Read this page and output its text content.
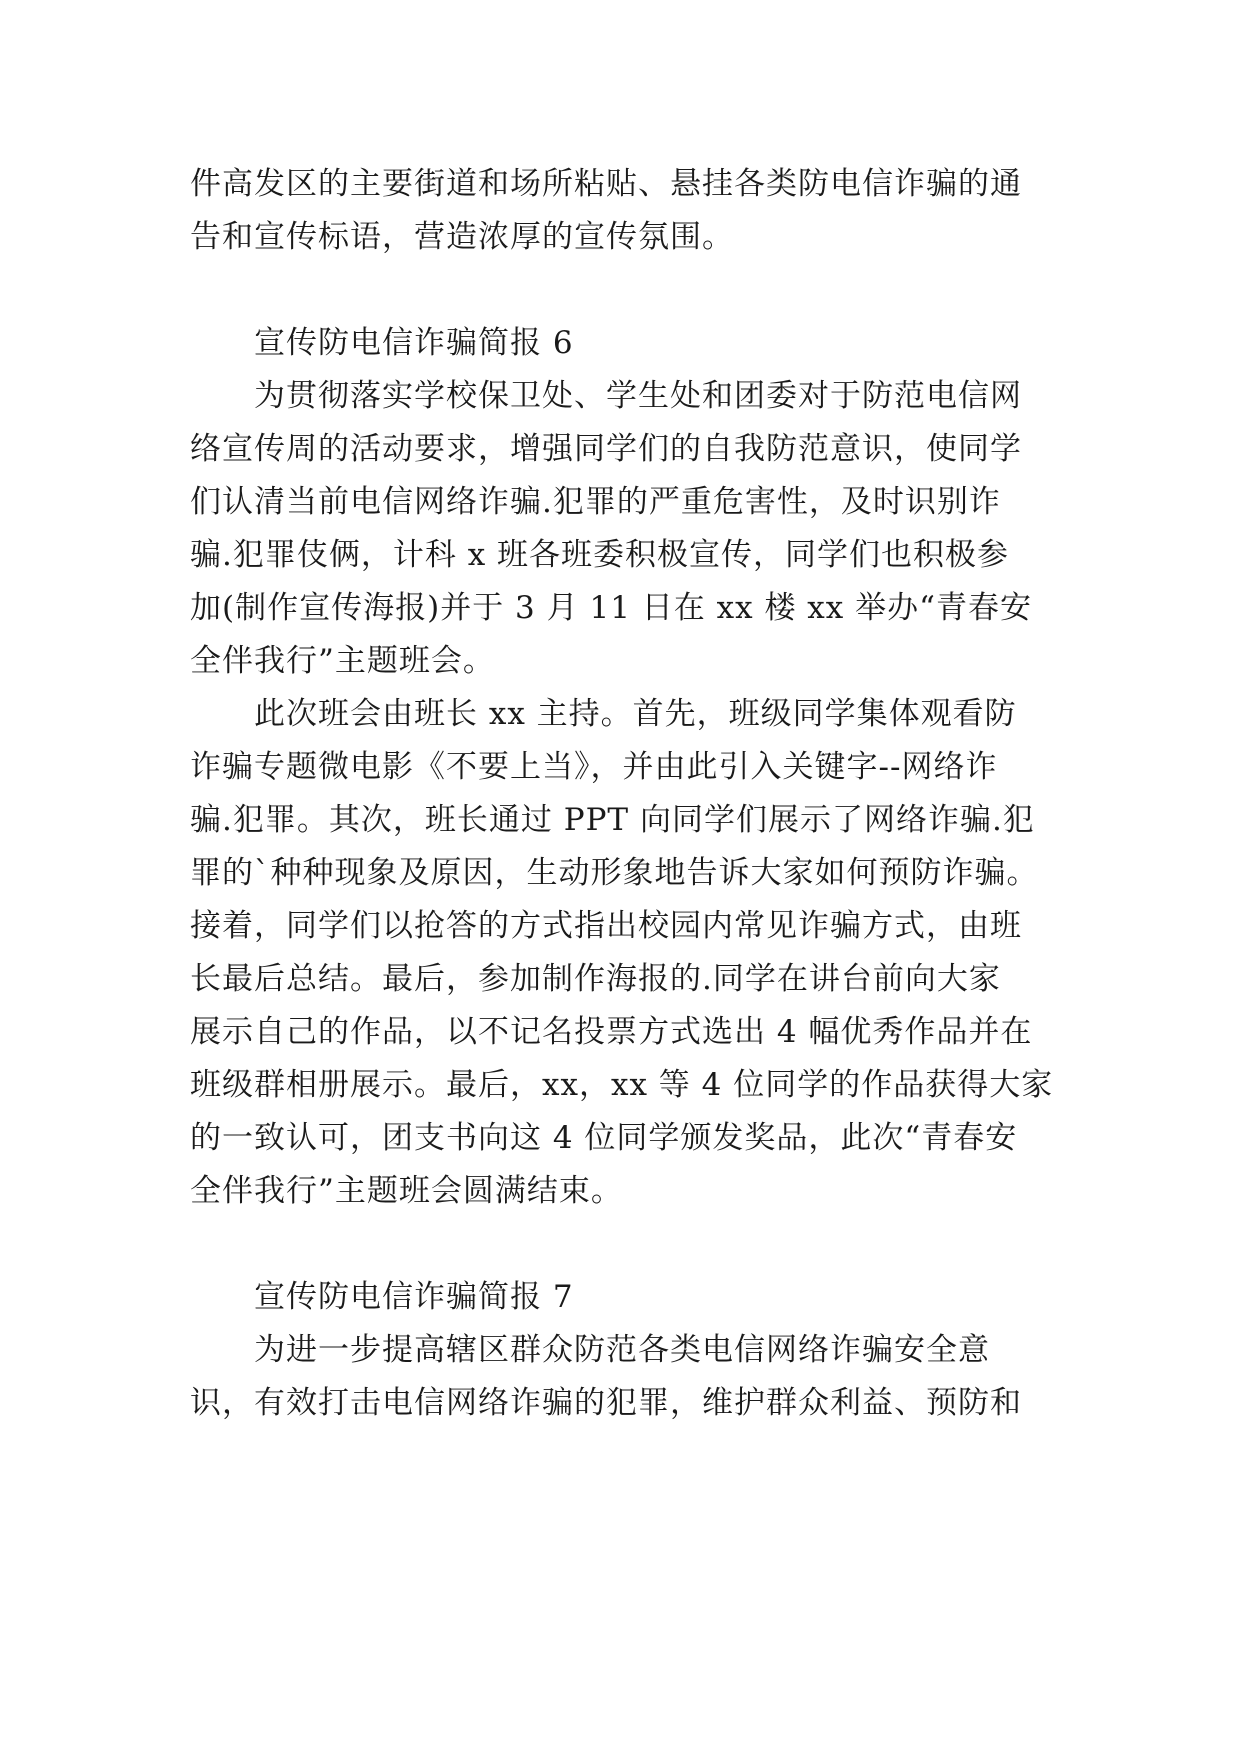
件高发区的主要街道和场所粘贴、悬挂各类防电信诈骗的通
告和宣传标语，营造浓厚的宣传氛围。
宣传防电信诈骗简报 6
为贯彻落实学校保卫处、学生处和团委对于防范电信网
络宣传周的活动要求，增强同学们的自我防范意识，使同学
们认清当前电信网络诈骗.犯罪的严重危害性，及时识别诈
骗.犯罪伎俩，计科 x 班各班委积极宣传，同学们也积极参
加(制作宣传海报)并于 3 月 11 日在 xx 楼 xx 举办“青春安
全伴我行”主题班会。
此次班会由班长 xx 主持。首先，班级同学集体观看防
诈骗专题微电影《不要上当》，并由此引入关键字--网络诈
骗.犯罪。其次，班长通过 PPT 向同学们展示了网络诈骗.犯
罪的`种种现象及原因，生动形象地告诉大家如何预防诈骗。
接着，同学们以抢答的方式指出校园内常见诈骗方式，由班
长最后总结。最后，参加制作海报的.同学在讲台前向大家
展示自己的作品，以不记名投票方式选出 4 幅优秀作品并在
班级群相册展示。最后，xx，xx 等 4 位同学的作品获得大家
的一致认可，团支书向这 4 位同学颁发奖品，此次“青春安
全伴我行”主题班会圆满结束。
宣传防电信诈骗简报 7
为进一步提高辖区群众防范各类电信网络诈骗安全意
识，有效打击电信网络诈骗的犯罪，维护群众利益、预防和
